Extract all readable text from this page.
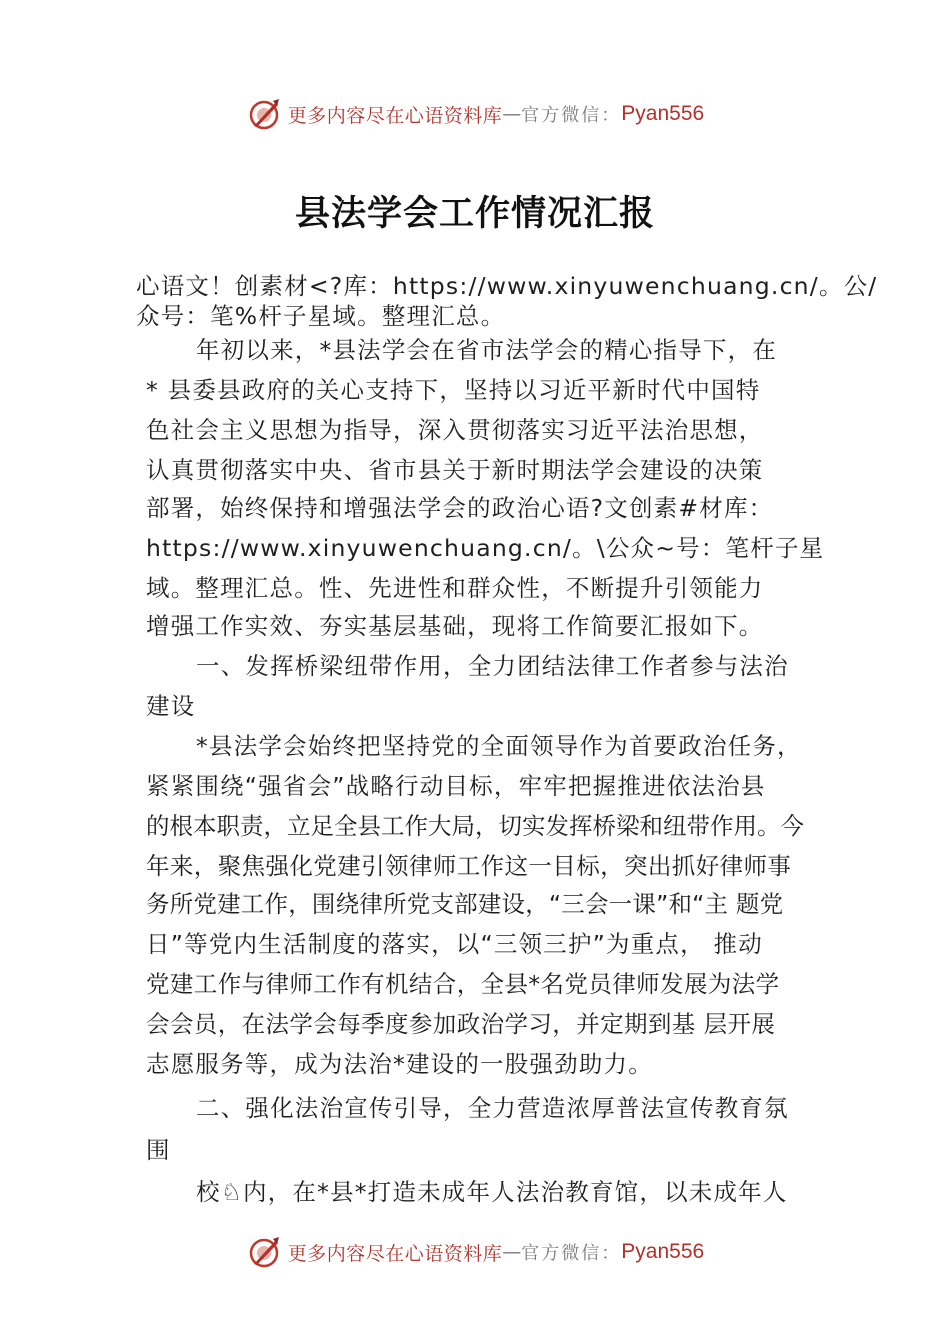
更多内容尽在心语资料库 — 官方微信： Pyan556
县法学会工作情况汇报
心语文！创素材<?库：https://www.xinyuwenchuang.cn/。公/
众号：笔%杆子星域。整理汇总。
年初以来，*县法学会在省市法学会的精心指导下，在
* 县委县政府的关心支持下，坚持以习近平新时代中国特
色社会主义思想为指导，深入贯彻落实习近平法治思想，
认真贯彻落实中央、省市县关于新时期法学会建设的决策
部署，始终保持和增强法学会的政治心语?文创素#材库：
https://www.xinyuwenchuang.cn/。\公众~号：笔杆子星
域。整理汇总。性、先进性和群众性，不断提升引领能力
增强工作实效、夯实基层基础，现将工作简要汇报如下。
一、发挥桥梁纽带作用，全力团结法律工作者参与法治
建设
*县法学会始终把坚持党的全面领导作为首要政治任务，
紧紧围绕“强省会”战略行动目标，牢牢把握推进依法治县
的根本职责，立足全县工作大局，切实发挥桥梁和纽带作用。今
年来，聚焦强化党建引领律师工作这一目标，突出抓好律师事
务所党建工作，围绕律所党支部建设，“三会一课”和“主 题党
日”等党内生活制度的落实，以“三领三护”为重点， 推动
党建工作与律师工作有机结合，全县*名党员律师发展为法学
会会员，在法学会每季度参加政治学习，并定期到基 层开展
志愿服务等，成为法治*建设的一股强劲助力。
二、强化法治宣传引导，全力营造浓厚普法宣传教育氛
围
校♘内，在*县*打造未成年人法治教育馆，以未成年人
更多内容尽在心语资料库 — 官方微信： Pyan556
